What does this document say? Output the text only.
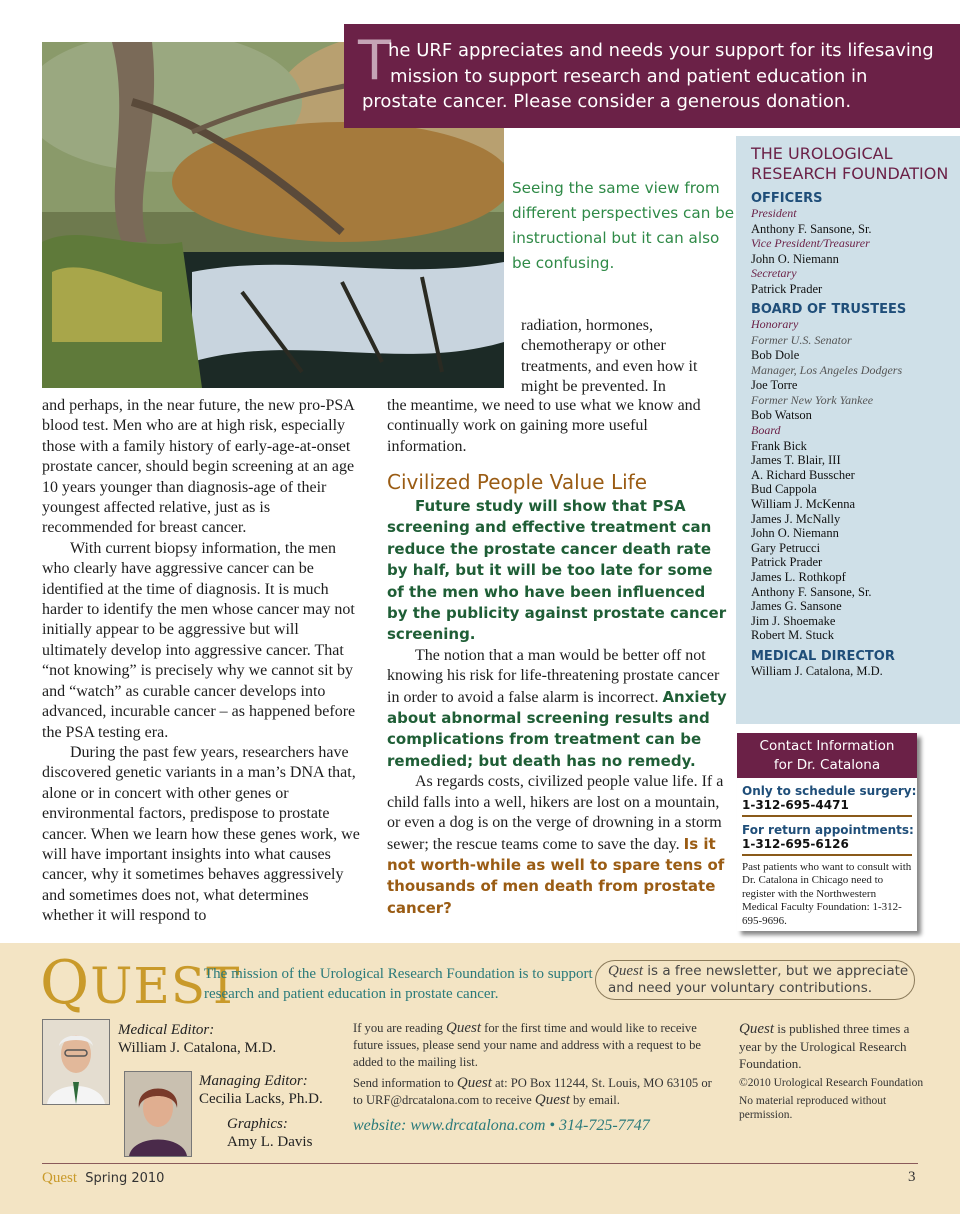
T
he URF appreciates and needs your support for its lifesaving
mission to support research and patient education in
prostate cancer. Please consider a generous donation.
Seeing the same view from different perspectives can be instructional but it can also be confusing.

and perhaps, in the near future, the new pro-PSA blood test. Men who are at high risk, especially those with a family history of early-age-at-onset prostate cancer, should begin screening at an age 10 years younger than diagnosis-age of their youngest affected relative, just as is recommended for breast cancer.

With current biopsy information, the men who clearly have aggressive cancer can be identified at the time of diagnosis. It is much harder to identify the men whose cancer may not initially appear to be aggressive but will ultimately develop into aggressive cancer. That “not knowing” is precisely why we cannot sit by and “watch” as curable cancer develops into advanced, incurable cancer – as happened before the PSA testing era.

During the past few years, researchers have discovered genetic variants in a man’s DNA that, alone or in concert with other genes or environmental factors, predispose to prostate cancer. When we learn how these genes work, we will have important insights into what causes cancer, why it sometimes behaves aggressively and sometimes does not, what determines whether it will respond to

radiation, hormones, chemotherapy or other treatments, and even how it might be prevented. In
the meantime, we need to use what we know and continually work on gaining more useful information.
Civilized People Value Life

Future study will show that PSA screening and effective treatment can reduce the prostate cancer death rate by half, but it will be too late for some of the men who have been influenced by the publicity against prostate cancer screening.

The notion that a man would be better off not knowing his risk for life-threatening prostate cancer in order to avoid a false alarm is incorrect. Anxiety about abnormal screening results and complications from treatment can be remedied; but death has no remedy.

As regards costs, civilized people value life. If a child falls into a well, hikers are lost on a mountain, or even a dog is on the verge of drowning in a storm sewer; the rescue teams come to save the day. Is it not worth-while as well to spare tens of thousands of men death from prostate cancer?

THE UROLOGICAL RESEARCH FOUNDATION
OFFICERS
President
Anthony F. Sansone, Sr.
Vice President/Treasurer
John O. Niemann
Secretary
Patrick Prader
BOARD OF TRUSTEES
Honorary
Former U.S. Senator
Bob Dole
Manager, Los Angeles Dodgers
Joe Torre
Former New York Yankee
Bob Watson
Board
Frank Bick
James T. Blair, III
A. Richard Busscher
Bud Cappola
William J. McKenna
James J. McNally
John O. Niemann
Gary Petrucci
Patrick Prader
James L. Rothkopf
Anthony F. Sansone, Sr.
James G. Sansone
Jim J. Shoemake
Robert M. Stuck
MEDICAL DIRECTOR
William J. Catalona, M.D.
Contact Information
for Dr. Catalona
Only to schedule surgery:
1-312-695-4471
For return appointments:
1-312-695-6126
Past patients who want to consult with Dr. Catalona in Chicago need to register with the Northwestern Medical Faculty Foundation: 1-312-695-9696.
QUEST
The mission of the Urological Research Foundation is to support research and patient education in prostate cancer.
Quest is a free newsletter, but we appreciate and need your voluntary contributions.
Medical Editor:
William J. Catalona, M.D.
Managing Editor:
Cecilia Lacks, Ph.D.
Graphics:
Amy L. Davis

If you are reading Quest for the first time and would like to receive future issues, please send your name and address with a request to be added to the mailing list.

Send information to Quest at: PO Box 11244, St. Louis, MO 63105 or to URF@drcatalona.com to receive Quest by email.

website: www.drcatalona.com • 314-725-7747

Quest is published three times a year by the Urological Research Foundation.

©2010 Urological Research Foundation

No material reproduced without permission.

Quest Spring 2010	3
